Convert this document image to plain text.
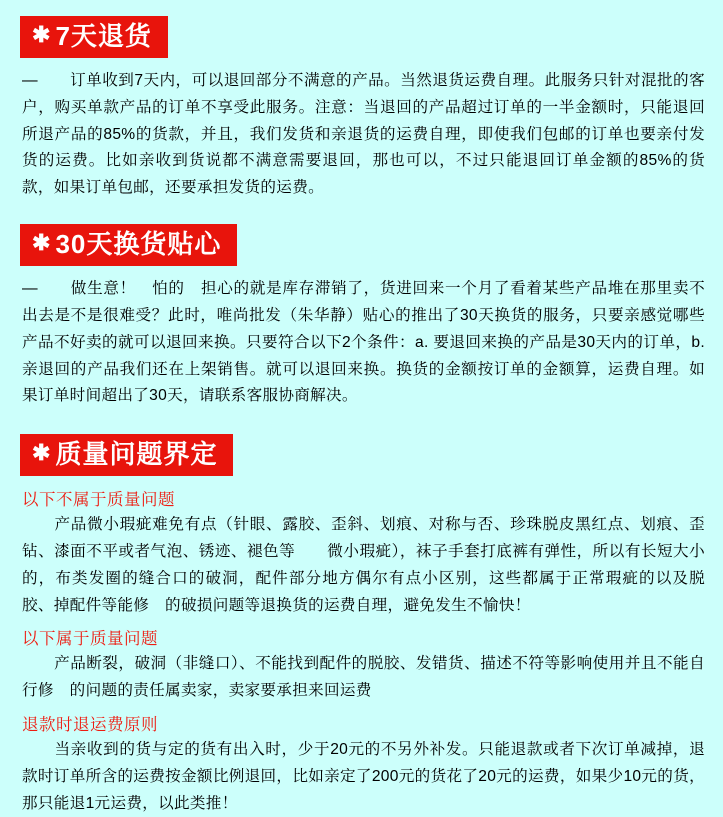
✱ 7天退货

—　　订单收到7天内，可以退回部分不满意的产品。当然退货运费自理。此服务只针对混批的客户，购买单款产品的订单不享受此服务。注意：当退回的产品超过订单的一半金额时，只能退回所退产品的85%的货款，并且，我们发货和亲退货的运费自理，即使我们包邮的订单也要亲付发货的运费。比如亲收到货说都不满意需要退回，那也可以，不过只能退回订单金额的85%的货款，如果订单包邮，还要承担发货的运费。

✱ 30天换货贴心

—　　做生意！　怕的　担心的就是库存滞销了，货进回来一个月了看着某些产品堆在那里卖不出去是不是很难受？此时，唯尚批发（朱华静）贴心的推出了30天换货的服务，只要亲感觉哪些产品不好卖的就可以退回来换。只要符合以下2个条件：a. 要退回来换的产品是30天内的订单，b. 亲退回的产品我们还在上架销售。就可以退回来换。换货的金额按订单的金额算，运费自理。如果订单时间超出了30天，请联系客服协商解决。

✱ 质量问题界定
以下不属于质量问题

　　产品微小瑕疵难免有点（针眼、露胶、歪斜、划痕、对称与否、珍珠脱皮黑红点、划痕、歪钻、漆面不平或者气泡、锈迹、褪色等　　微小瑕疵），袜子手套打底裤有弹性，所以有长短大小的，布类发圈的缝合口的破洞，配件部分地方偶尔有点小区别，这些都属于正常瑕疵的以及脱胶、掉配件等能修　的破损问题等退换货的运费自理，避免发生不愉快！

以下属于质量问题

　　产品断裂，破洞（非缝口）、不能找到配件的脱胶、发错货、描述不符等影响使用并且不能自行修　的问题的责任属卖家，卖家要承担来回运费

退款时退运费原则

　　当亲收到的货与定的货有出入时，少于20元的不另外补发。只能退款或者下次订单减掉，退款时订单所含的运费按金额比例退回，比如亲定了200元的货花了20元的运费，如果少10元的货，那只能退1元运费，以此类推！
